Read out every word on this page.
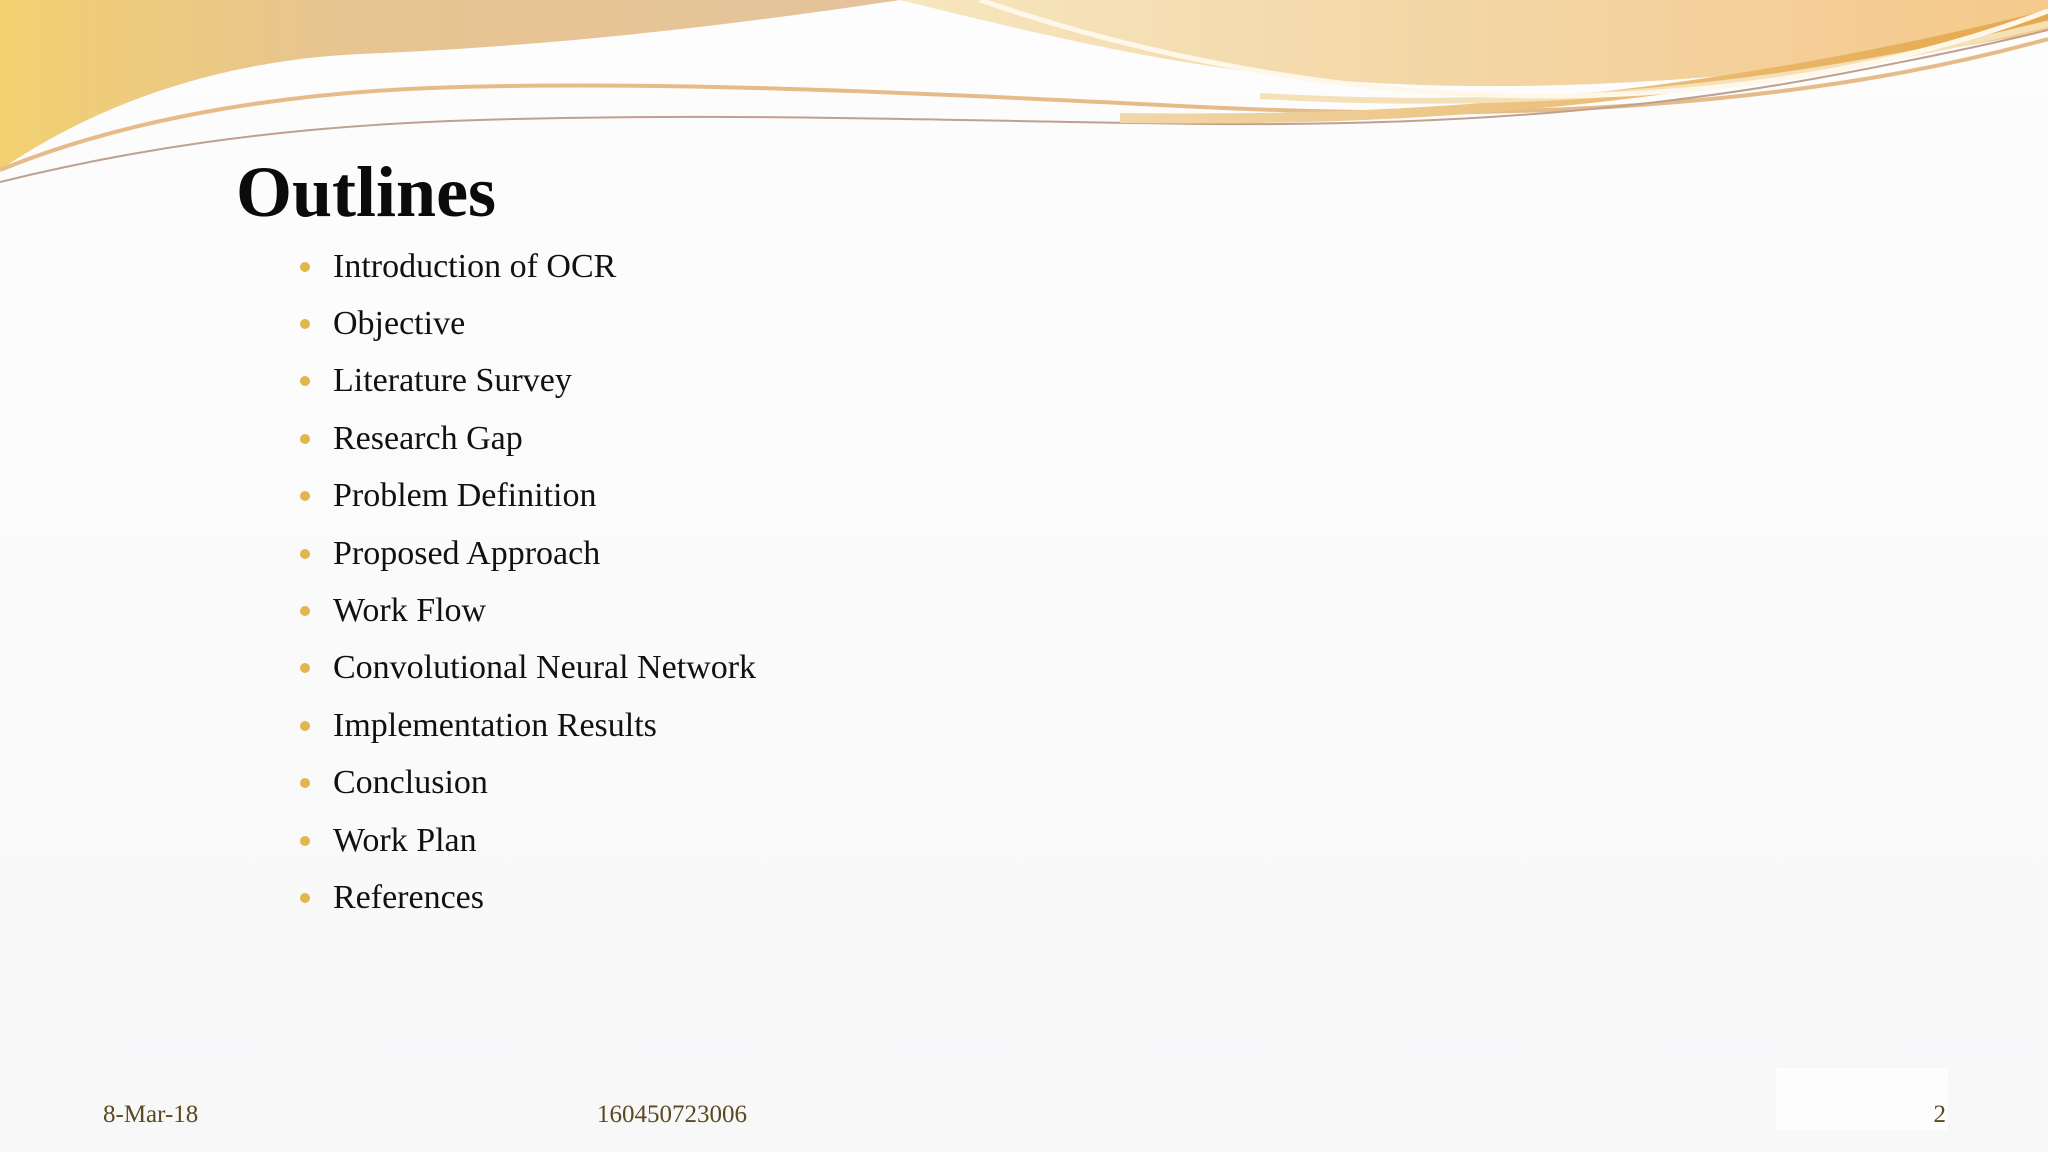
Outlines
Introduction of OCR
Objective
Literature Survey
Research Gap
Problem Definition
Proposed Approach
Work Flow
Convolutional Neural Network
Implementation Results
Conclusion
Work Plan
References
8-Mar-18	160450723006	2
